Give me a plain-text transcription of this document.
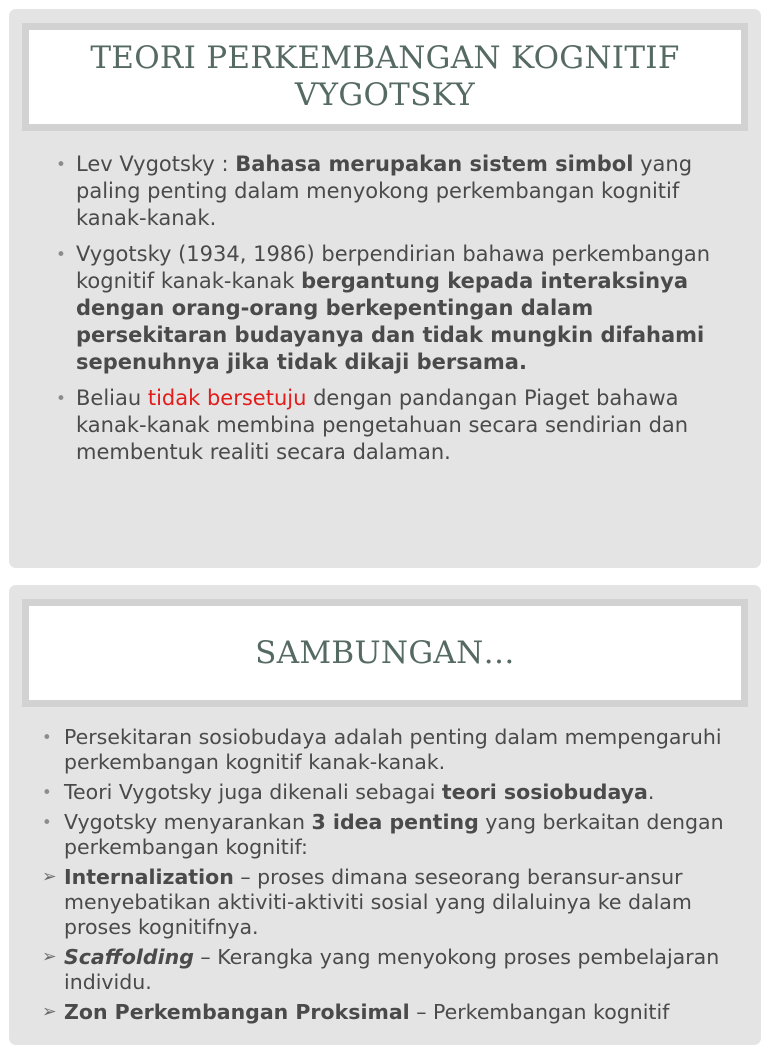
TEORI PERKEMBANGAN KOGNITIF
VYGOTSKY
• Lev Vygotsky : Bahasa merupakan sistem simbol yang paling penting dalam menyokong perkembangan kognitif kanak-kanak.
• Vygotsky (1934, 1986) berpendirian bahawa perkembangan kognitif kanak-kanak bergantung kepada interaksinya dengan orang-orang berkepentingan dalam persekitaran budayanya dan tidak mungkin difahami sepenuhnya jika tidak dikaji bersama.
• Beliau tidak bersetuju dengan pandangan Piaget bahawa kanak-kanak membina pengetahuan secara sendirian dan membentuk realiti secara dalaman.
SAMBUNGAN…
• Persekitaran sosiobudaya adalah penting dalam mempengaruhi perkembangan kognitif kanak-kanak.
• Teori Vygotsky juga dikenali sebagai teori sosiobudaya.
• Vygotsky menyarankan 3 idea penting yang berkaitan dengan perkembangan kognitif:
➢ Internalization – proses dimana seseorang beransur-ansur menyebatikan aktiviti-aktiviti sosial yang dilaluinya ke dalam proses kognitifnya.
➢ Scaffolding – Kerangka yang menyokong proses pembelajaran individu.
➢ Zon Perkembangan Proksimal – Perkembangan kognitif
